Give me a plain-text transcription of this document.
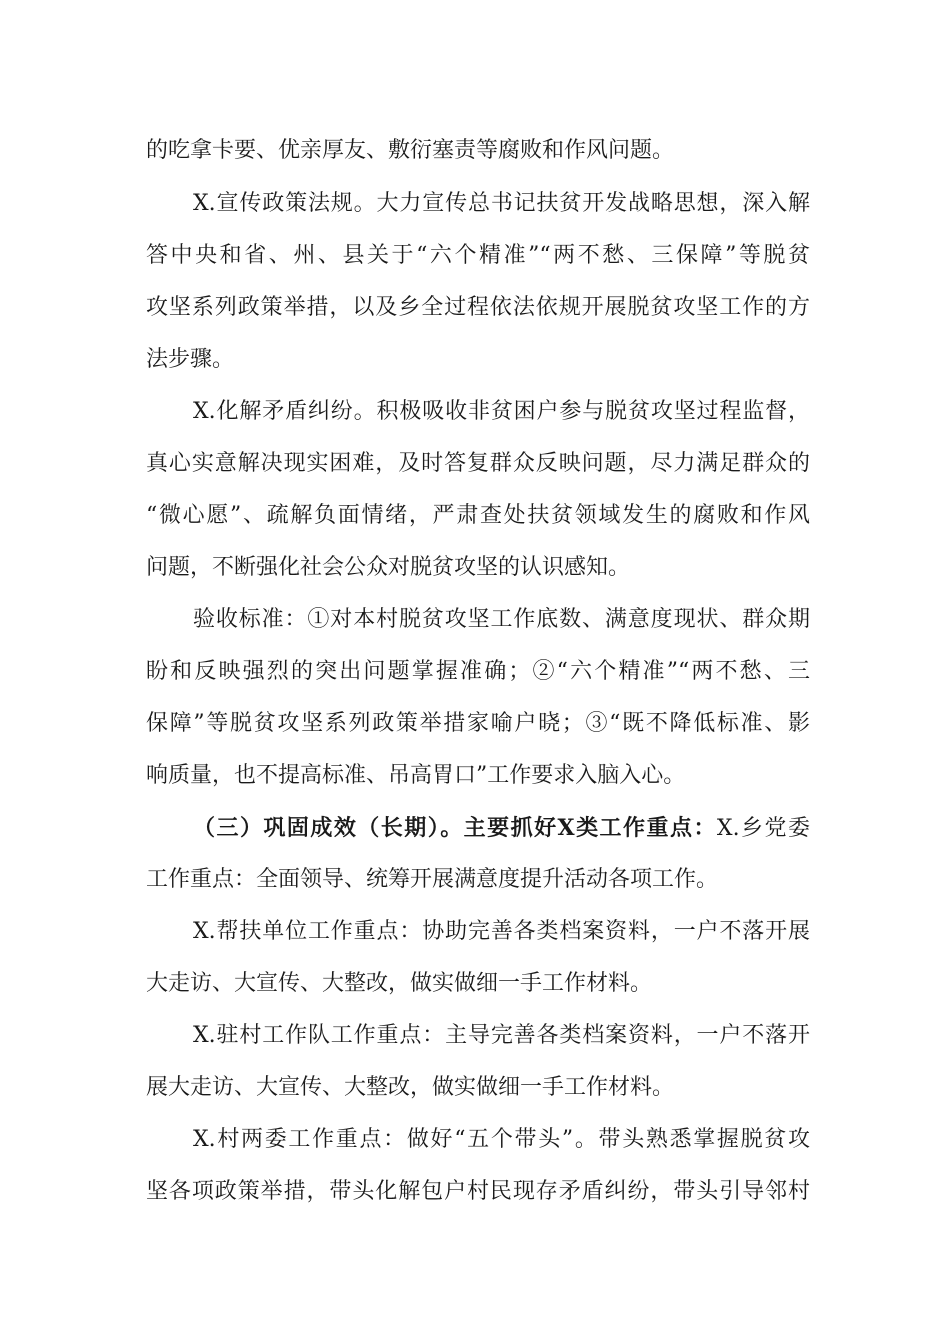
的吃拿卡要、优亲厚友、敷衍塞责等腐败和作风问题。
X.宣传政策法规。大力宣传总书记扶贫开发战略思想，深入解
答中央和省、州、县关于“六个精准”“两不愁、三保障”等脱贫
攻坚系列政策举措，以及乡全过程依法依规开展脱贫攻坚工作的方
法步骤。
X.化解矛盾纠纷。积极吸收非贫困户参与脱贫攻坚过程监督，
真心实意解决现实困难，及时答复群众反映问题，尽力满足群众的
“微心愿”、疏解负面情绪，严肃查处扶贫领域发生的腐败和作风
问题，不断强化社会公众对脱贫攻坚的认识感知。
验收标准：①对本村脱贫攻坚工作底数、满意度现状、群众期
盼和反映强烈的突出问题掌握准确；②“六个精准”“两不愁、三
保障”等脱贫攻坚系列政策举措家喻户晓；③“既不降低标准、影
响质量，也不提高标准、吊高胃口”工作要求入脑入心。
（三）巩固成效（长期）。主要抓好X类工作重点：X.乡党委
工作重点：全面领导、统筹开展满意度提升活动各项工作。
X.帮扶单位工作重点：协助完善各类档案资料，一户不落开展
大走访、大宣传、大整改，做实做细一手工作材料。
X.驻村工作队工作重点：主导完善各类档案资料，一户不落开
展大走访、大宣传、大整改，做实做细一手工作材料。
X.村两委工作重点：做好“五个带头”。带头熟悉掌握脱贫攻
坚各项政策举措，带头化解包户村民现存矛盾纠纷，带头引导邻村
